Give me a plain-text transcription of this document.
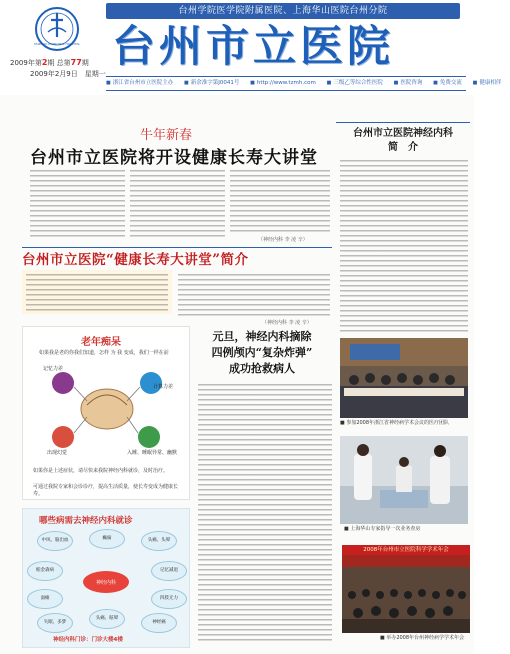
TAIZHOU MUNICIPAL HOSPITAL
台州学院医学院附属医院、上海华山医院台州分院
台州市立医院
2009年第2期 总第77期
2009年2月9日　星期一
■ 浙江省台州市立医院主办	■ 新余准字第J0041号	■ http://www.tzmh.com	■ 三级乙等综合性医院	■ 医院咨询	■ 免费交流	■ 健康相伴
牛年新春
台州市立医院将开设健康长寿大讲堂
（神经内科 李 凌 辛）
台州市立医院“健康长寿大讲堂”简介
（神经内科 李 凌 辛）
台州市立医院神经内科
简　介
■ 参加2008年浙江省神经病学术会议的医疗团队
■ 上海华山专家指导一次业务查房
2008年台州市立医院科学学术年会
■ 举办2008年台州神经病学学术年会
元旦，神经内科摘除
四例颅内“复杂炸弹”
成功抢救病人
老年痴呆
如果我是老的你我们知道，怎样 为 我 变成，我们一样在前
记忆力差
出现幻觉
计算力差
入睡、睡眠异常、幽默
如果你是上述症状，请尽快来我院神经内科就诊，及时治疗。
可通过我院专家和会诊诊疗，提高生活质量，使长寿变成为健康长寿。
哪些病需去神经内科就诊
神经内科
中风、脑出血	癫痫	头痛、头晕
帕金森病	记忆减退
面瘫	四肢无力
失眠、多梦
头痛、眩晕
神经痛
神经内科门诊：门诊大楼4楼
